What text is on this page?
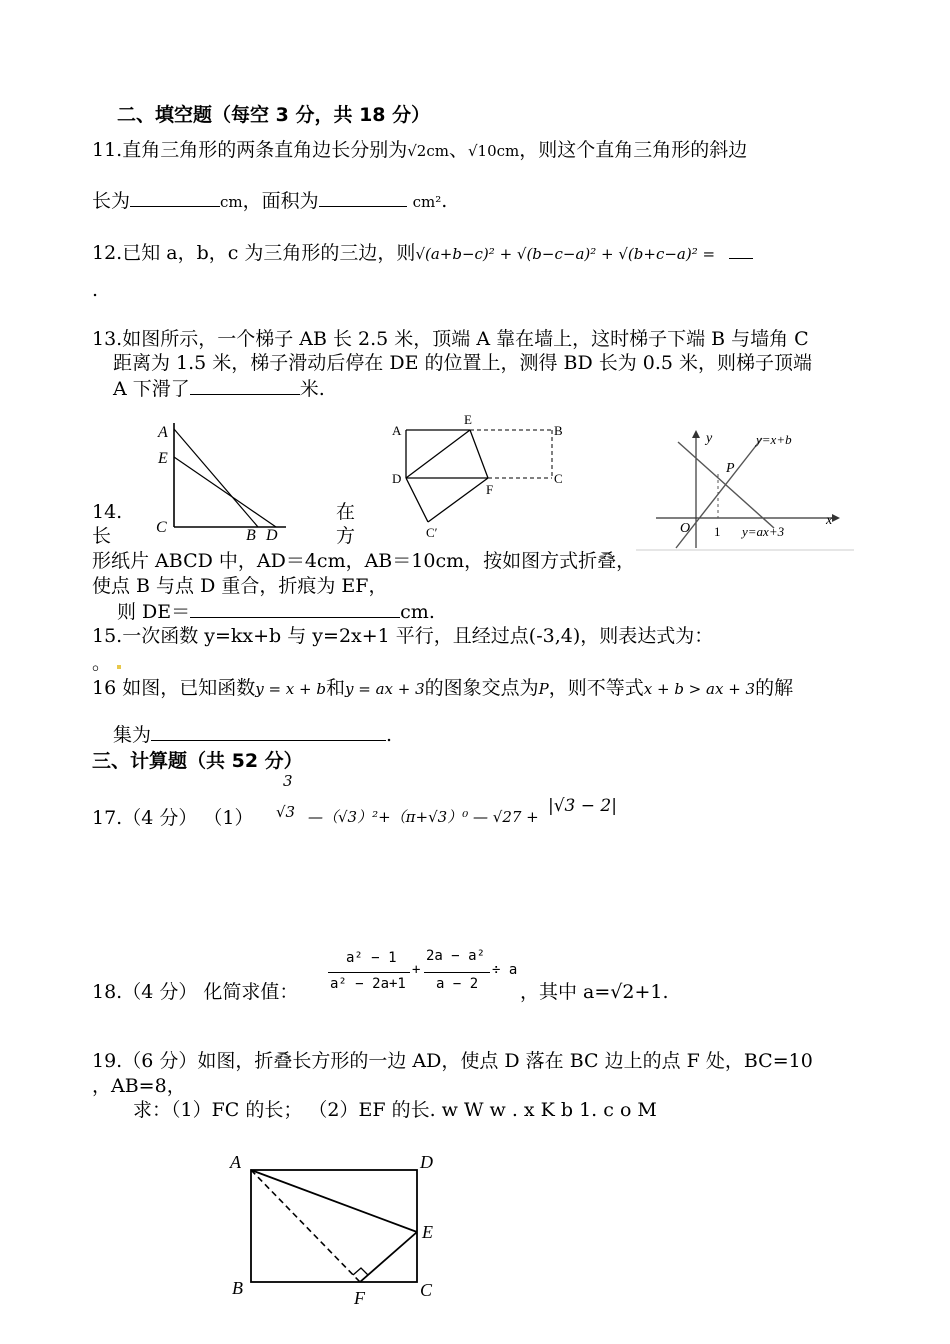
二、填空题（每空 3 分，共 18 分）
11.直角三角形的两条直角边长分别为√2cm、√10cm，则这个直角三角形的斜边
长为	cm，面积为	cm².
12.已知 a，b，c 为三角形的三边，则√(a+b−c)² + √(b−c−a)² + √(b+c−a)² =
.
13.如图所示，一个梯子 AB 长 2.5 米，顶端 A 靠在墙上，这时梯子下端 B 与墙角 C
距离为 1.5 米，梯子滑动后停在 DE 的位置上，测得 BD 长为 0.5 米，则梯子顶端
A 下滑了	米.
A
E
C	B D
A
E
B
D
F
C
C′
y
x
O 1
P
y=x+b
y=ax+3
14.	在
长	方
形纸片 ABCD 中，AD＝4cm，AB＝10cm，按如图方式折叠，
使点 B 与点 D 重合，折痕为 EF，
则 DE＝	cm.
15.一次函数 y=kx+b 与 y=2x+1 平行，且经过点(-3,4)，则表达式为：
。
16 如图，已知函数y = x + b和y = ax + 3的图象交点为P，则不等式x + b > ax + 3的解
集为	.
三、计算题（共 52 分）
17.（4 分） （1）
3
√3 —（√3）²+（π+√3）⁰ — √27 +
|√3 − 2|
18.（4 分） 化简求值：
a² − 1
a² − 2a+1
+
2a − a²
a − 2
÷ a
，其中 a=√2+1.
19.（6 分）如图，折叠长方形的一边 AD，使点 D 落在 BC 边上的点 F 处，BC=10
，AB=8，
求：（1）FC 的长； （2）EF 的长. w W w . x K b 1. c o M
A	D
E
B	F	C
